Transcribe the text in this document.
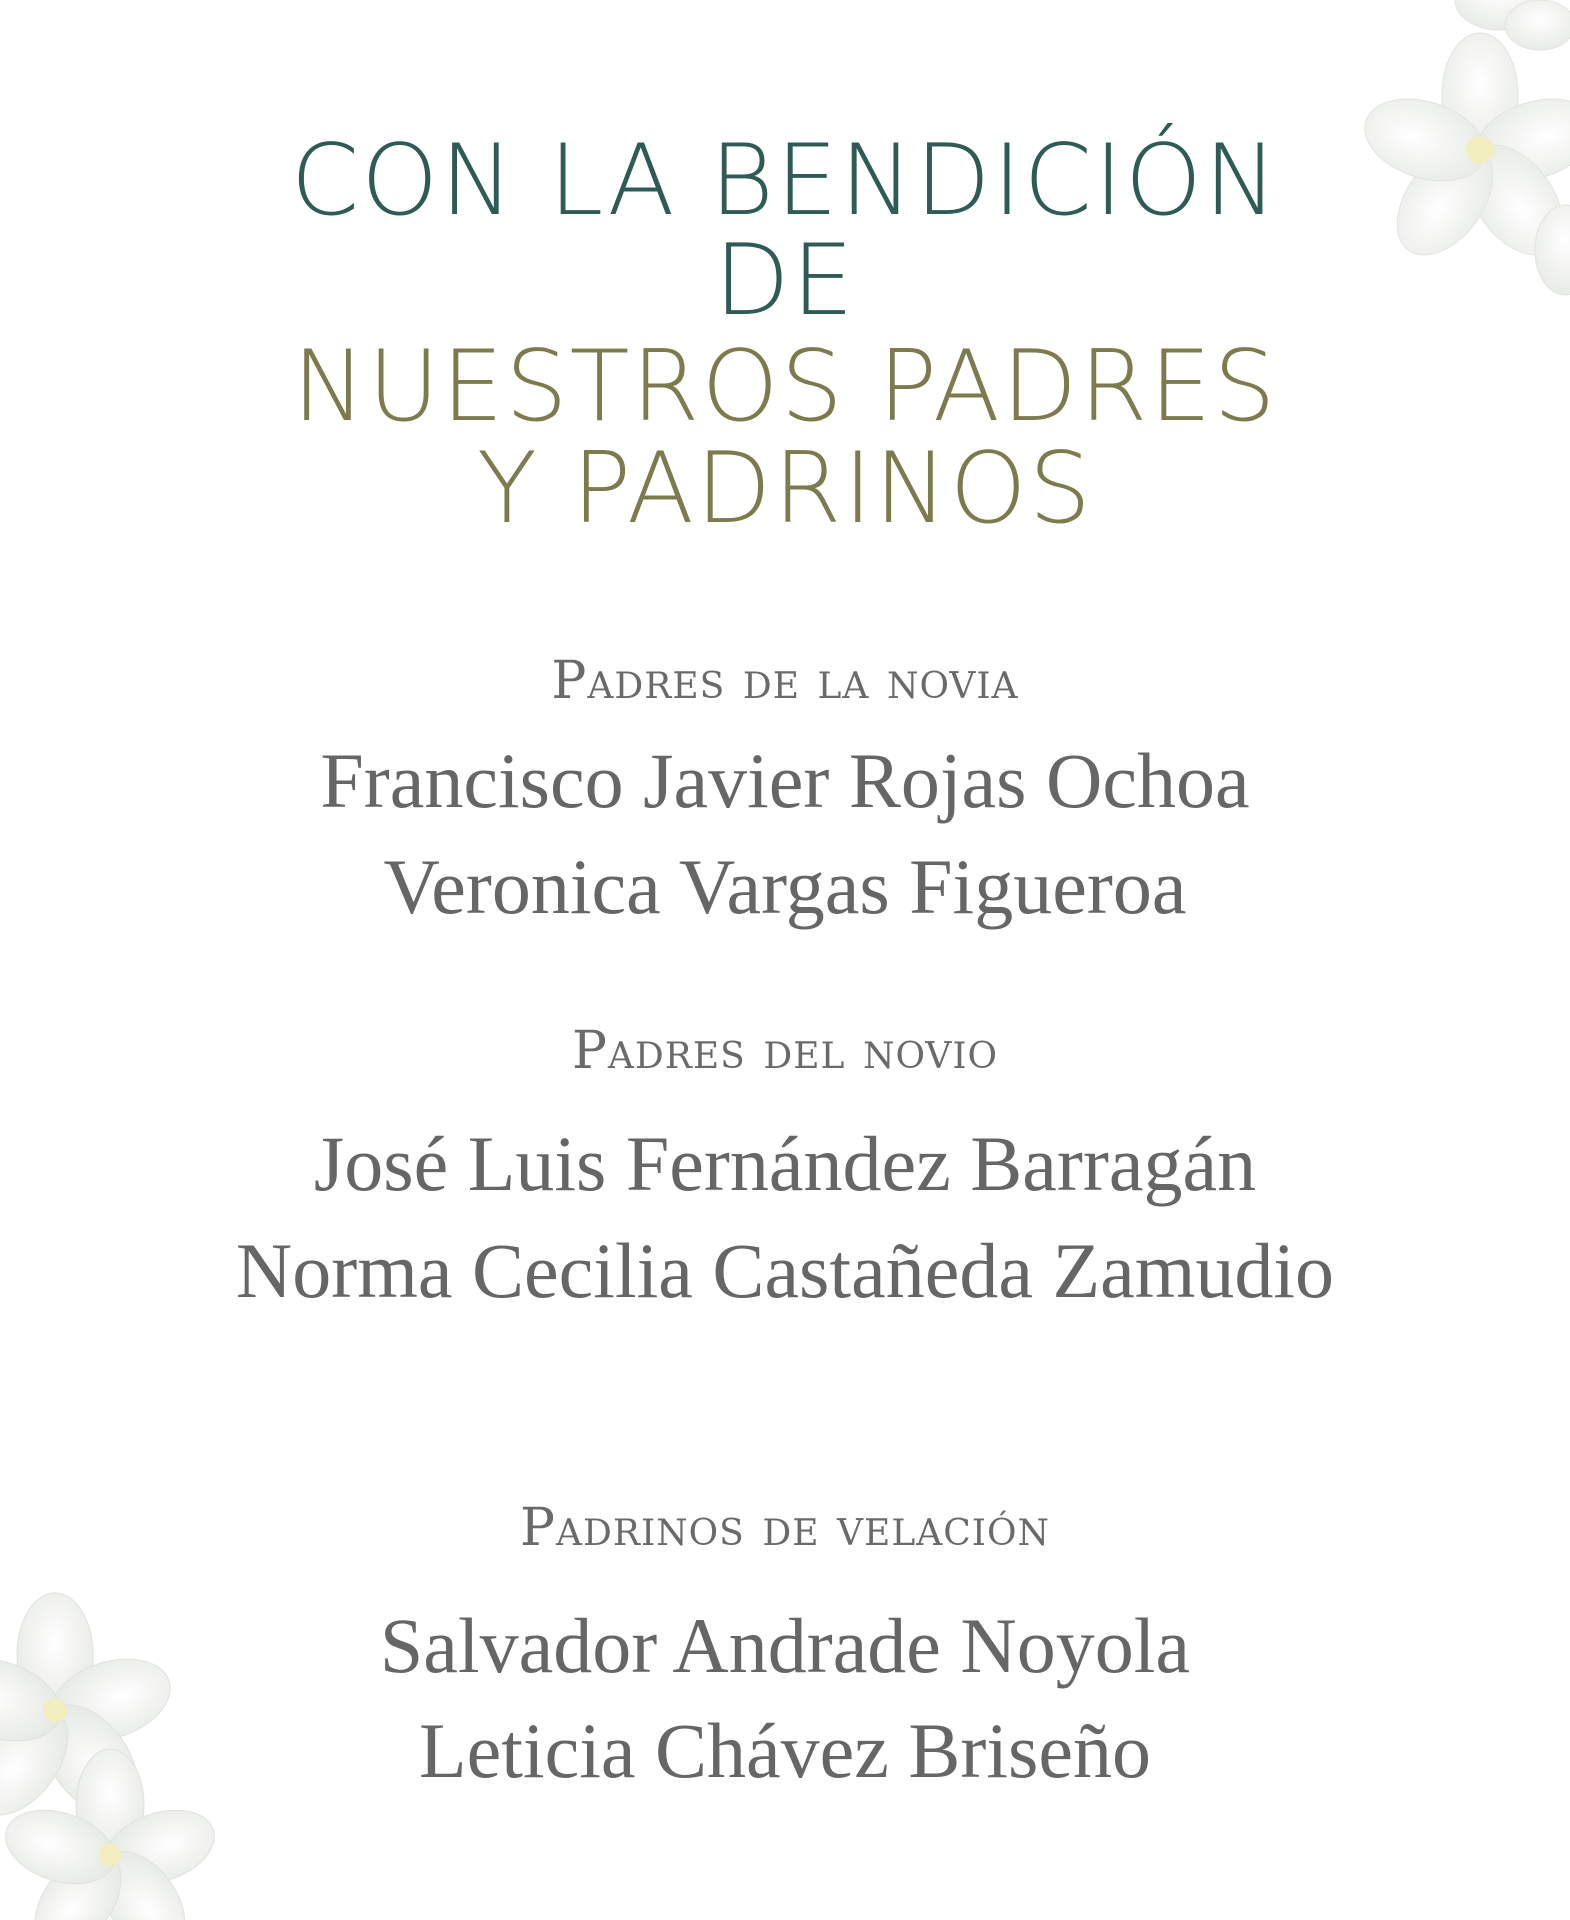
CON LA BENDICIÓN
DE
NUESTROS PADRES
Y PADRINOS
Padres de la novia
Francisco Javier Rojas Ochoa
Veronica Vargas Figueroa
Padres del novio
José Luis Fernández Barragán
Norma Cecilia Castañeda Zamudio
Padrinos de velación
Salvador Andrade Noyola
Leticia Chávez Briseño
